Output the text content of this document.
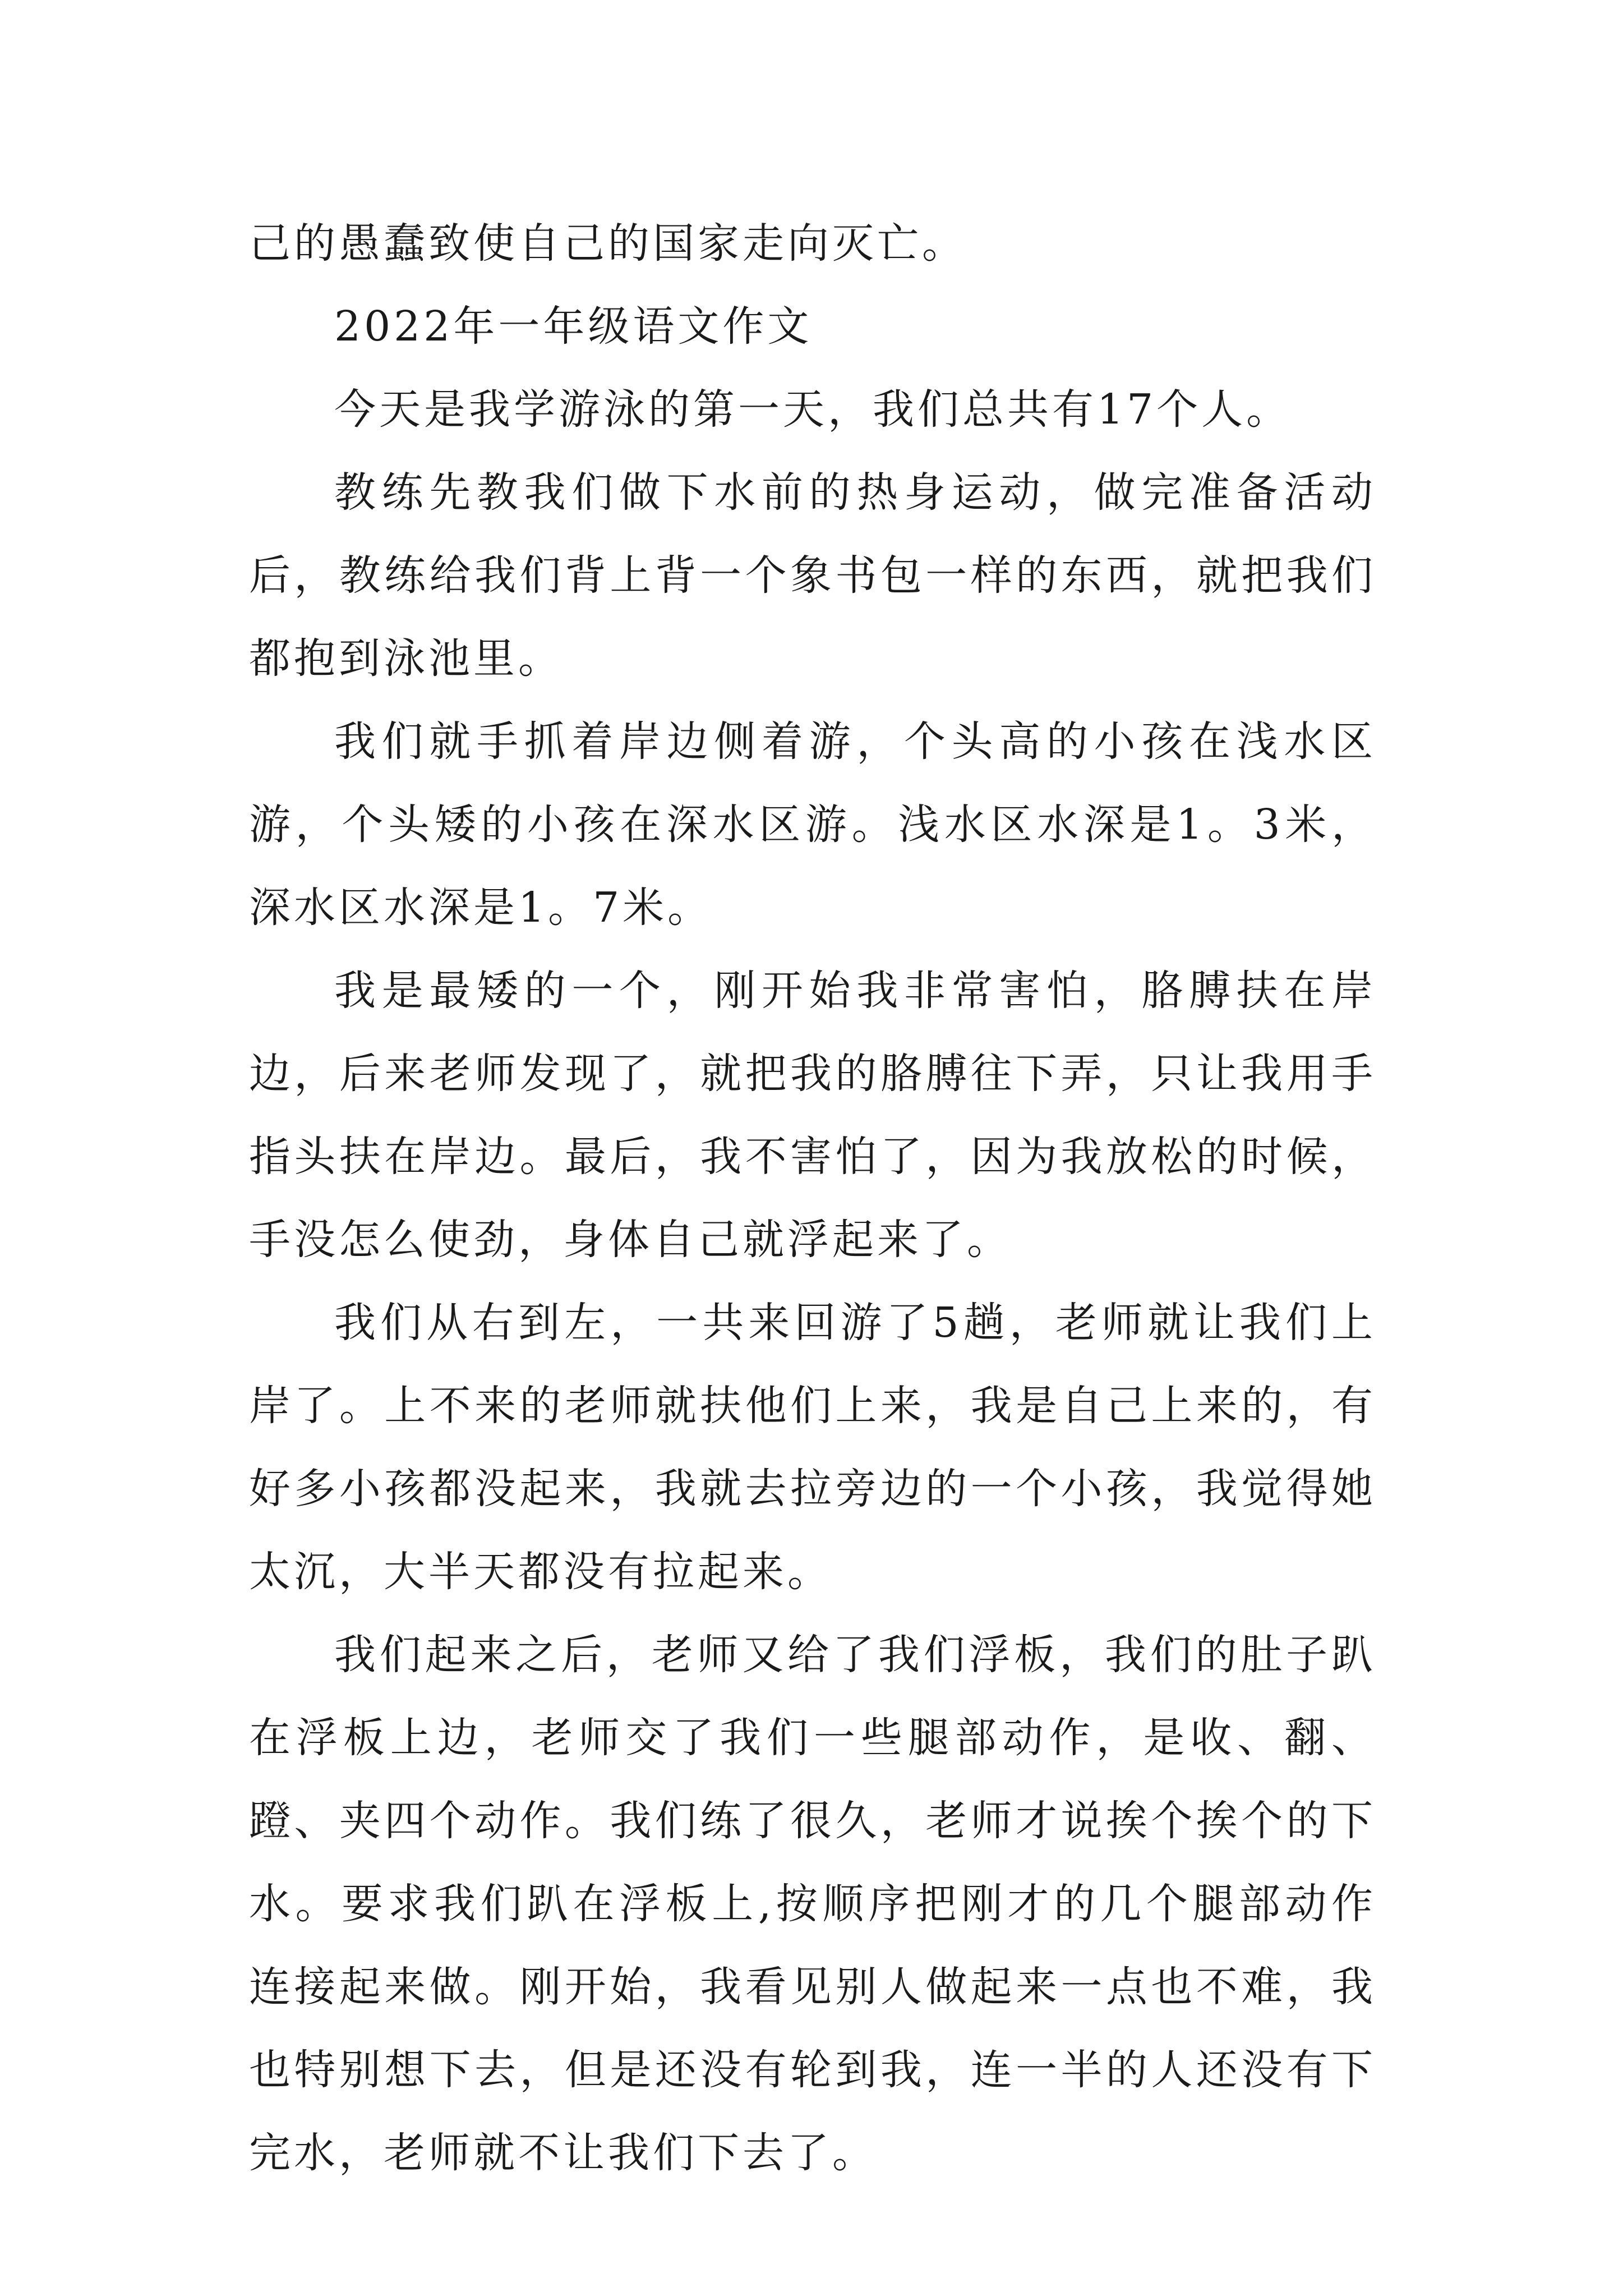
己的愚蠢致使自己的国家走向灭亡。

2022年一年级语文作文

今天是我学游泳的第一天，我们总共有17个人。

教练先教我们做下水前的热身运动，做完准备活动后，教练给我们背上背一个象书包一样的东西，就把我们都抱到泳池里。

我们就手抓着岸边侧着游，个头高的小孩在浅水区游，个头矮的小孩在深水区游。浅水区水深是1。3米，深水区水深是1。7米。

我是最矮的一个，刚开始我非常害怕，胳膊扶在岸边，后来老师发现了，就把我的胳膊往下弄，只让我用手指头扶在岸边。最后，我不害怕了，因为我放松的时候，手没怎么使劲，身体自己就浮起来了。

我们从右到左，一共来回游了5趟，老师就让我们上岸了。上不来的老师就扶他们上来，我是自己上来的，有好多小孩都没起来，我就去拉旁边的一个小孩，我觉得她太沉，大半天都没有拉起来。

我们起来之后，老师又给了我们浮板，我们的肚子趴在浮板上边，老师交了我们一些腿部动作，是收、翻、蹬、夹四个动作。我们练了很久，老师才说挨个挨个的下水。要求我们趴在浮板上,按顺序把刚才的几个腿部动作连接起来做。刚开始，我看见别人做起来一点也不难，我也特别想下去，但是还没有轮到我，连一半的人还没有下完水，老师就不让我们下去了。
